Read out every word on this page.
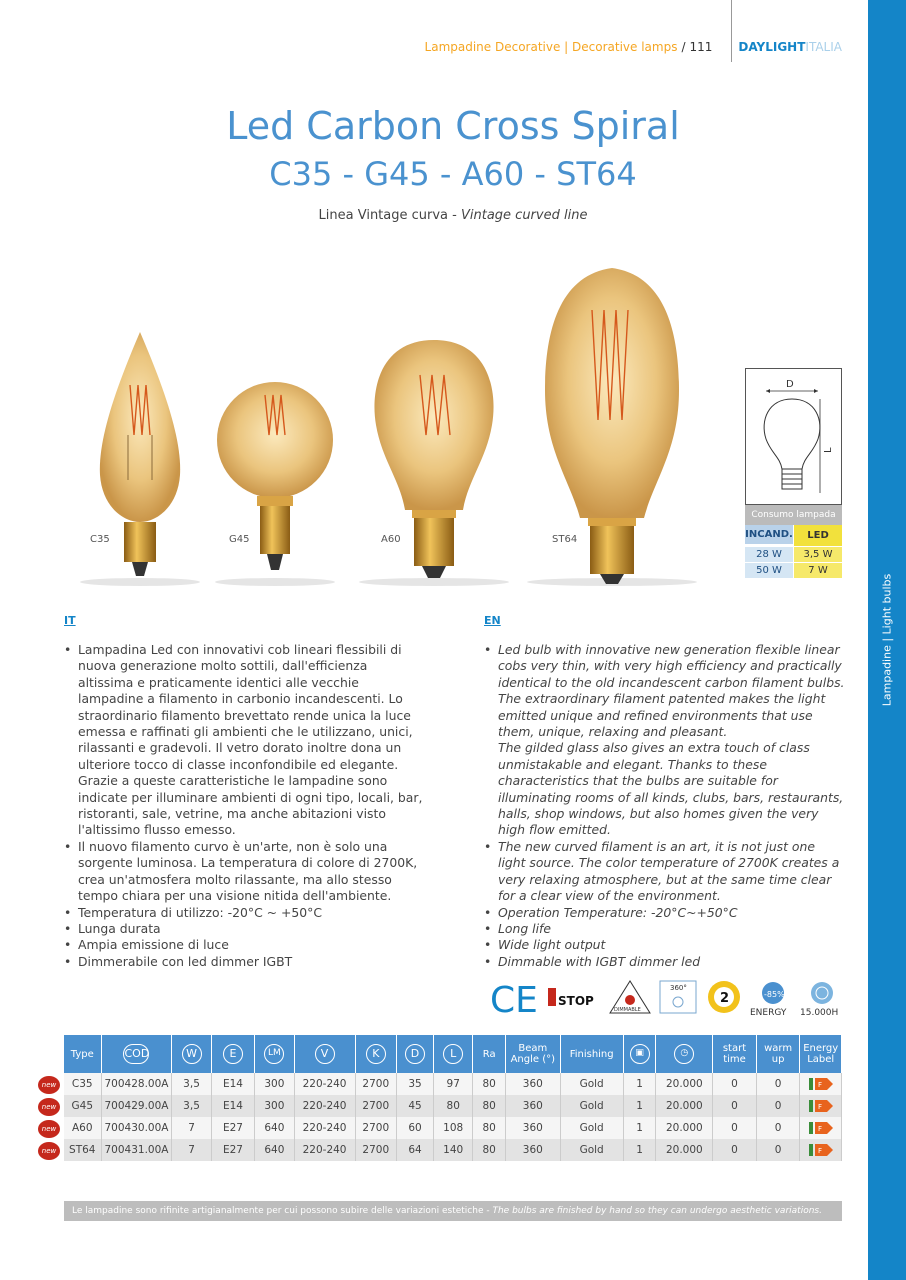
Lampadine | Light bulbs
Lampadine Decorative | Decorative lamps / 111 DAYLIGHTITALIA
Led Carbon Cross Spiral
C35 - G45 - A60 - ST64
Linea Vintage curva - Vintage curved line
C35	G45	A60	ST64
D
L
Consumo lampada
INCAND.	LED
28 W	3,5 W
50 W	7 W
IT
• Lampadina Led con innovativi cob lineari flessibili di nuova generazione molto sottili, dall'efficienza altissima e praticamente identici alle vecchie lampadine a filamento in carbonio incandescenti. Lo straordinario filamento brevettato rende unica la luce emessa e raffinati gli ambienti che le utilizzano, unici, rilassanti e gradevoli. Il vetro dorato inoltre dona un ulteriore tocco di classe inconfondibile ed elegante. Grazie a queste caratteristiche le lampadine sono indicate per illuminare ambienti di ogni tipo, locali, bar, ristoranti, sale, vetrine, ma anche abitazioni visto l'altissimo flusso emesso.
• Il nuovo filamento curvo è un'arte, non è solo una sorgente luminosa. La temperatura di colore di 2700K, crea un'atmosfera molto rilassante, ma allo stesso tempo chiara per una visione nitida dell'ambiente.
• Temperatura di utilizzo: -20°C ~ +50°C
• Lunga durata
• Ampia emissione di luce
• Dimmerabile con led dimmer IGBT
EN
• Led bulb with innovative new generation flexible linear cobs very thin, with very high efficiency and practically identical to the old incandescent carbon filament bulbs. The extraordinary filament patented makes the light emitted unique and refined environments that use them, unique, relaxing and pleasant.
The gilded glass also gives an extra touch of class unmistakable and elegant. Thanks to these characteristics that the bulbs are suitable for illuminating rooms of all kinds, clubs, bars, restaurants, halls, shop windows, but also homes given the very high flow emitted.
• The new curved filament is an art, it is not just one light source. The color temperature of 2700K creates a very relaxing atmosphere, but at the same time clear for a clear view of the environment.
• Operation Temperature: -20°C~+50°C
• Long life
• Wide light output
• Dimmable with IGBT dimmer led
CE STOP
DIMMABLE
360°
2	-85%
ENERGY 15.000H
Type	COD	W	E	LM	V	K	D	L	Ra	Beam Angle (°)	Finishing	▣	◷	start time	warm up	Energy Label
C35	700428.00A	3,5	E14	300	220-240	2700	35	97	80	360	Gold	1	20.000	0	0	F

G45	700429.00A	3,5	E14	300	220-240	2700	45	80	80	360	Gold	1	20.000	0	0	F

A60	700430.00A	7	E27	640	220-240	2700	60	108	80	360	Gold	1	20.000	0	0	F

ST64	700431.00A	7	E27	640	220-240	2700	64	140	80	360	Gold	1	20.000	0	0	F
new
new
new
new
Le lampadine sono rifinite artigianalmente per cui possono subire delle variazioni estetiche - The bulbs are finished by hand so they can undergo aesthetic variations.
